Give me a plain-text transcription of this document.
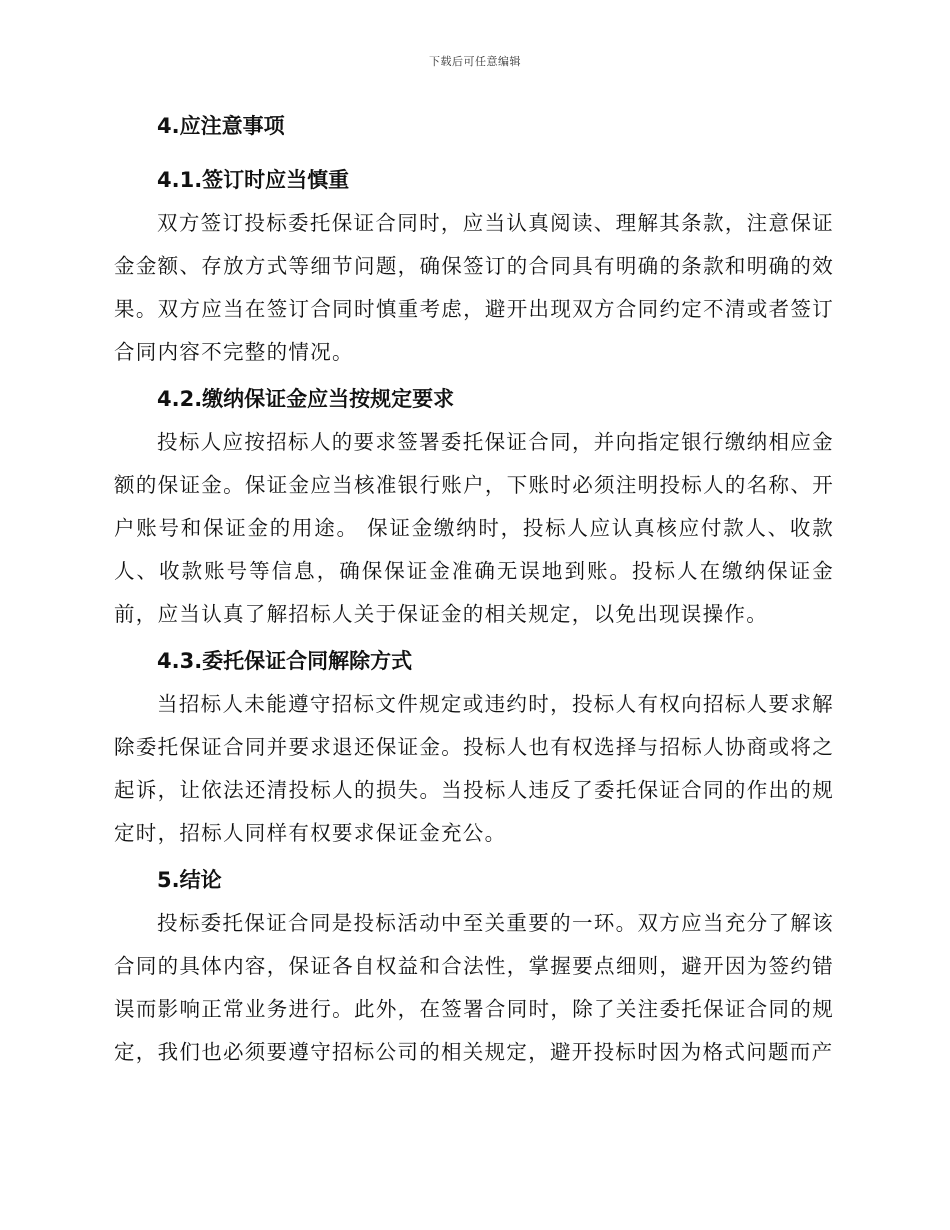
下载后可任意编辑

4.应注意事项

4.1.签订时应当慎重

双方签订投标委托保证合同时，应当认真阅读、理解其条款，注意保证金金额、存放方式等细节问题，确保签订的合同具有明确的条款和明确的效果。双方应当在签订合同时慎重考虑，避开出现双方合同约定不清或者签订合同内容不完整的情况。

4.2.缴纳保证金应当按规定要求

投标人应按招标人的要求签署委托保证合同，并向指定银行缴纳相应金额的保证金。保证金应当核准银行账户，下账时必须注明投标人的名称、开户账号和保证金的用途。 保证金缴纳时，投标人应认真核应付款人、收款人、收款账号等信息，确保保证金准确无误地到账。投标人在缴纳保证金前，应当认真了解招标人关于保证金的相关规定，以免出现误操作。

4.3.委托保证合同解除方式

当招标人未能遵守招标文件规定或违约时，投标人有权向招标人要求解除委托保证合同并要求退还保证金。投标人也有权选择与招标人协商或将之起诉，让依法还清投标人的损失。当投标人违反了委托保证合同的作出的规定时，招标人同样有权要求保证金充公。

5.结论

投标委托保证合同是投标活动中至关重要的一环。双方应当充分了解该合同的具体内容，保证各自权益和合法性，掌握要点细则，避开因为签约错误而影响正常业务进行。此外，在签署合同时，除了关注委托保证合同的规定，我们也必须要遵守招标公司的相关规定，避开投标时因为格式问题而产
